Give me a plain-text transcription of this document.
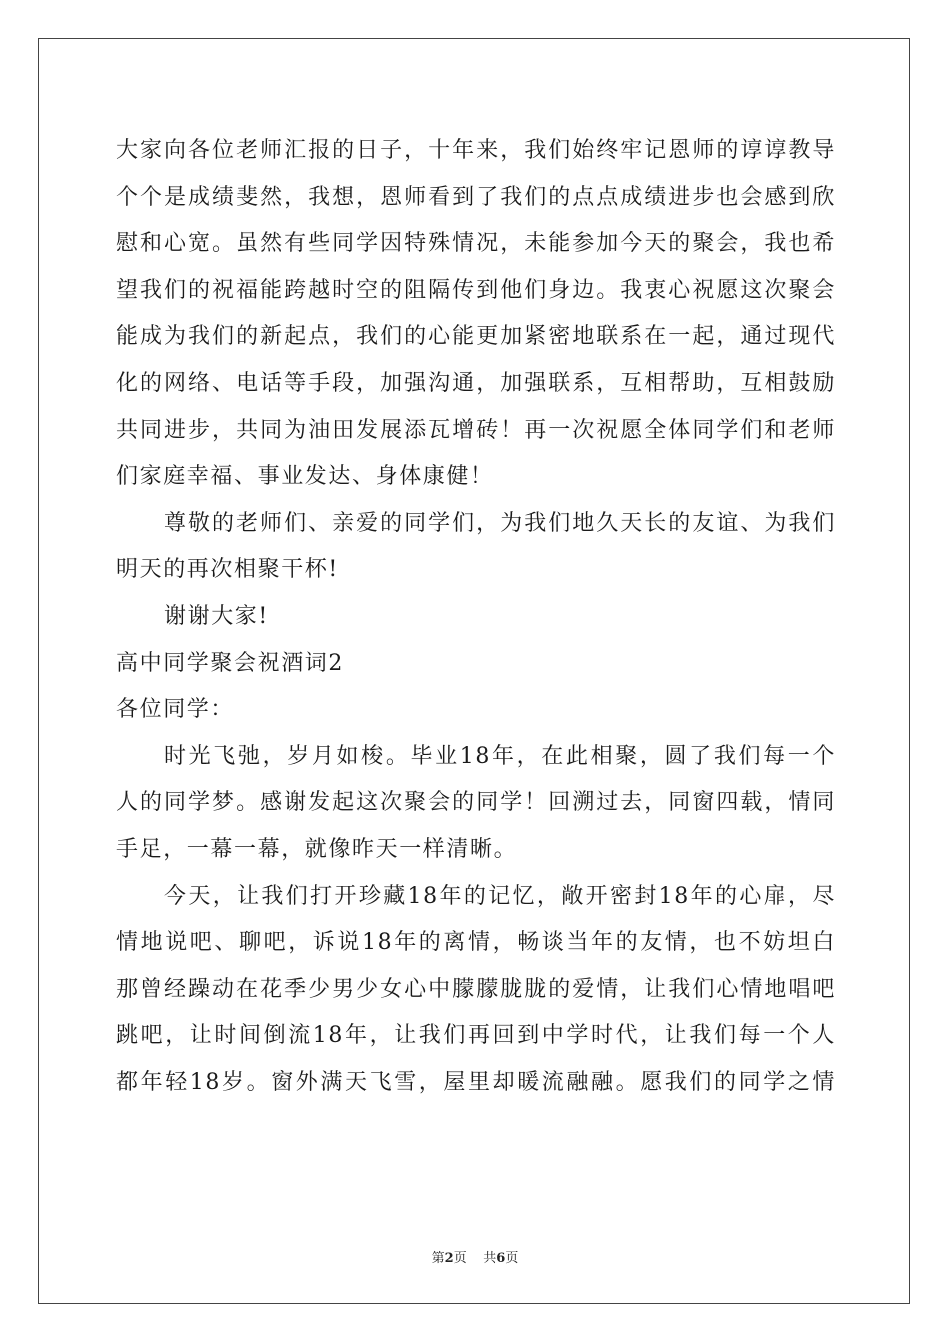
大家向各位老师汇报的日子，十年来，我们始终牢记恩师的谆谆教导
个个是成绩斐然，我想，恩师看到了我们的点点成绩进步也会感到欣
慰和心宽。虽然有些同学因特殊情况，未能参加今天的聚会，我也希
望我们的祝福能跨越时空的阻隔传到他们身边。我衷心祝愿这次聚会
能成为我们的新起点，我们的心能更加紧密地联系在一起，通过现代
化的网络、电话等手段，加强沟通，加强联系，互相帮助，互相鼓励
共同进步，共同为油田发展添瓦增砖！再一次祝愿全体同学们和老师
们家庭幸福、事业发达、身体康健！
尊敬的老师们、亲爱的同学们，为我们地久天长的友谊、为我们
明天的再次相聚干杯!
谢谢大家!
高中同学聚会祝酒词2
各位同学：
时光飞弛，岁月如梭。毕业18年，在此相聚，圆了我们每一个
人的同学梦。感谢发起这次聚会的同学！回溯过去，同窗四载，情同
手足，一幕一幕，就像昨天一样清晰。
今天，让我们打开珍藏18年的记忆，敞开密封18年的心扉，尽
情地说吧、聊吧，诉说18年的离情，畅谈当年的友情，也不妨坦白
那曾经躁动在花季少男少女心中朦朦胧胧的爱情，让我们心情地唱吧
跳吧，让时间倒流18年，让我们再回到中学时代，让我们每一个人
都年轻18岁。窗外满天飞雪，屋里却暖流融融。愿我们的同学之情
第2页 共6页
